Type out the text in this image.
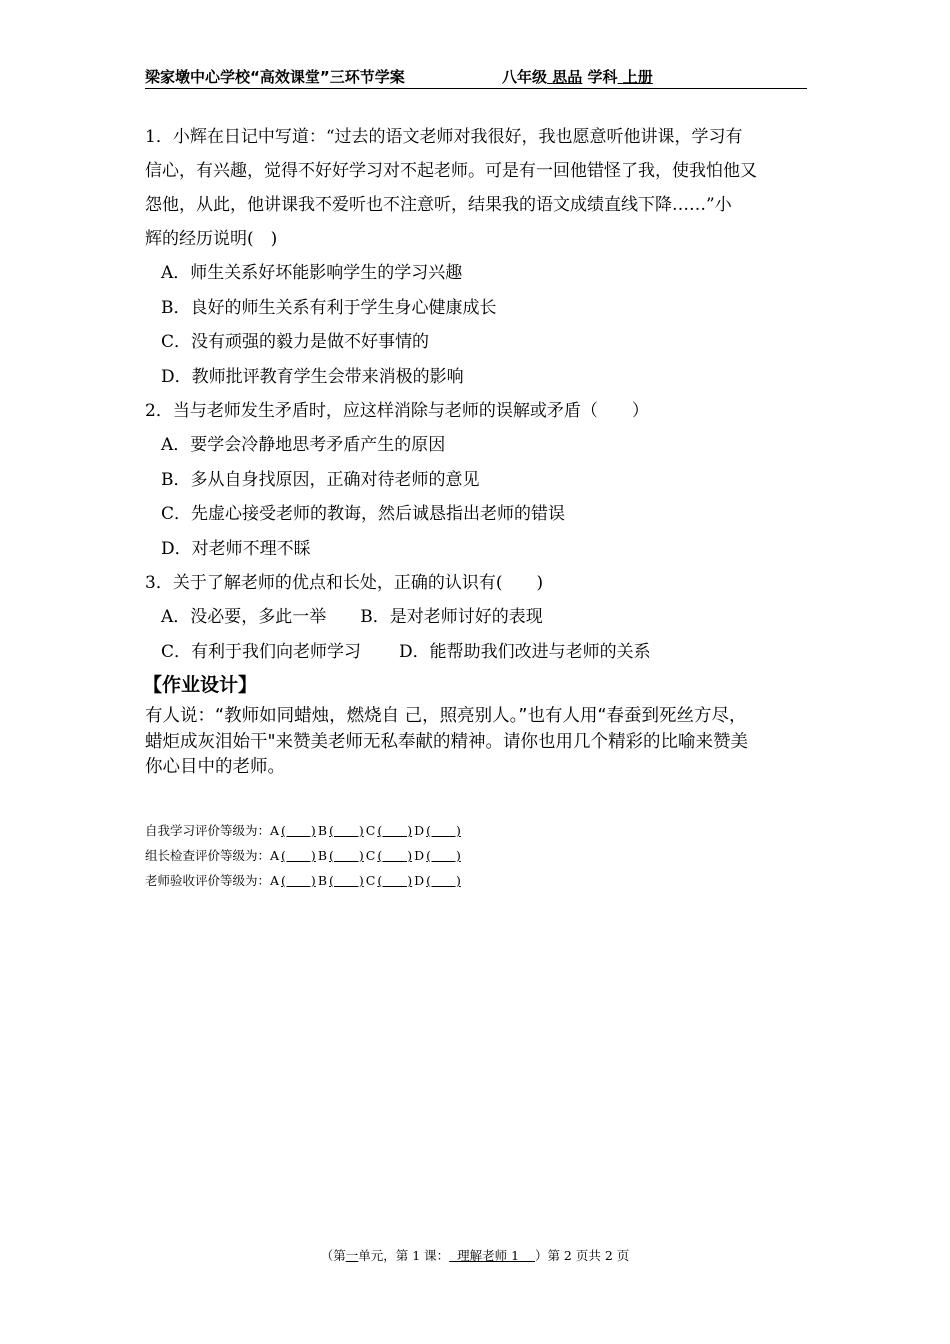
梁家墩中心学校“高效课堂”三环节学案	八年级 思品 学科 上册

1．小辉在日记中写道：“过去的语文老师对我很好，我也愿意听他讲课，学习有

信心，有兴趣，觉得不好好学习对不起老师。可是有一回他错怪了我，使我怕他又

怨他，从此，他讲课我不爱听也不注意听，结果我的语文成绩直线下降……”小

辉的经历说明(　)

A．师生关系好坏能影响学生的学习兴趣

B．良好的师生关系有利于学生身心健康成长

C．没有顽强的毅力是做不好事情的

D．教师批评教育学生会带来消极的影响

2．当与老师发生矛盾时，应这样消除与老师的误解或矛盾（　　）

A．要学会冷静地思考矛盾产生的原因

B．多从自身找原因，正确对待老师的意见

C．先虚心接受老师的教诲，然后诚恳指出老师的错误

D．对老师不理不睬

3．关于了解老师的优点和长处，正确的认识有(　　)

A．没必要，多此一举 B．是对老师讨好的表现

C．有利于我们向老师学习 D．能帮助我们改进与老师的关系

【作业设计】

有人说：“教师如同蜡烛，燃烧自 己，照亮别人。”也有人用“春蚕到死丝方尽，
蜡炬成灰泪始干"来赞美老师无私奉献的精神。请你也用几个精彩的比喻来赞美
你心目中的老师。
自我学习评价等级为：A (　　) B (　　) C (　　) D (　　)
组长检查评价等级为：A (　　) B (　　) C (　　) D (　　)
老师验收评价等级为：A (　　) B (　　) C (　　) D (　　)
（第一单元，第 1 课： 理解老师 1 ）第 2 页共 2 页
